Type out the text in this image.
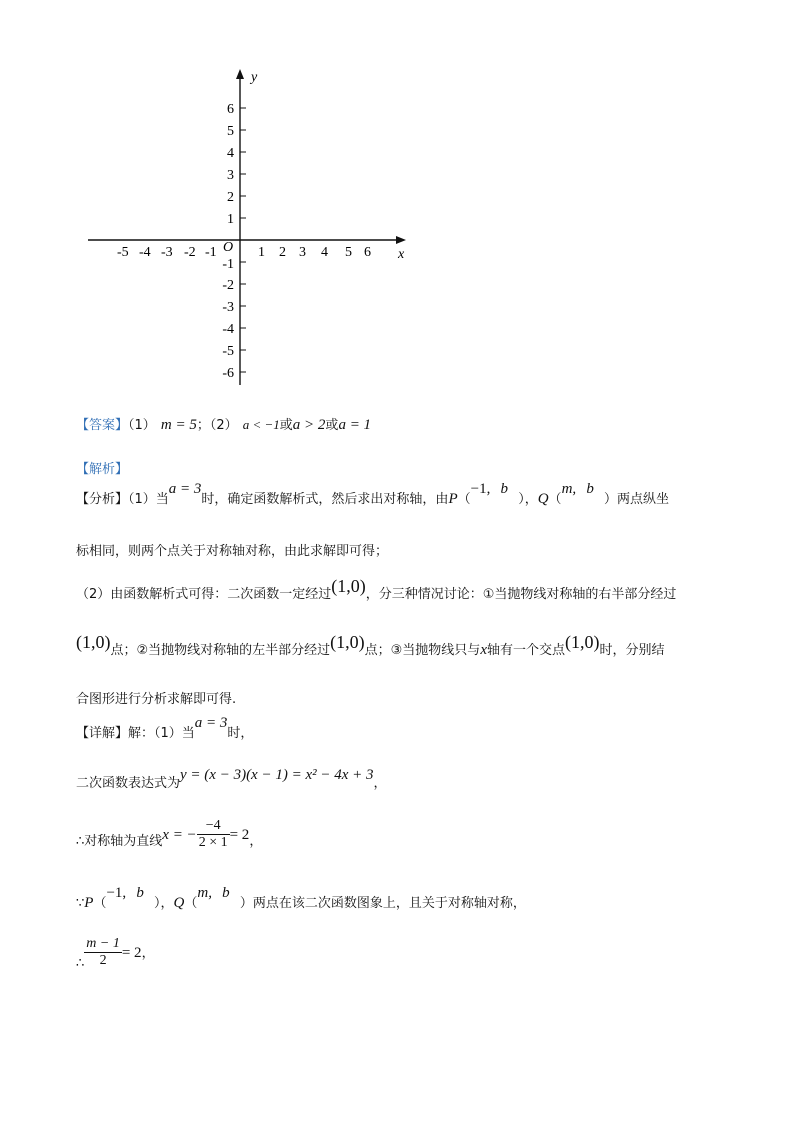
x
y
O
-5 -4 -3 -2 -1	1 2 3 4 5 6
6
5
4
3
2
1
-1
-2
-3
-4
-5
-6
【答案】（1） m = 5；（2） a < −1或a > 2或a = 1
【解析】
【分析】（1）当a = 3时，确定函数解析式，然后求出对称轴，由P（−1, b  ），Q（m, b  ）两点纵坐
标相同，则两个点关于对称轴对称，由此求解即可得；
（2）由函数解析式可得：二次函数一定经过(1,0)，分三种情况讨论：①当抛物线对称轴的右半部分经过
(1,0)点；②当抛物线对称轴的左半部分经过(1,0)点；③当抛物线只与x轴有一个交点(1,0)时，分别结
合图形进行分析求解即可得.
【详解】解：（1）当a = 3时，
二次函数表达式为y = (x − 3)(x − 1) = x² − 4x + 3，
∴对称轴为直线x = − $\frac{-4}{2 \times 1} = 2$，
∵P（−1, b  ），Q（m, b  ）两点在该二次函数图象上，且关于对称轴对称，
$_\therefore \frac{m - 1}{2} = 2$，
